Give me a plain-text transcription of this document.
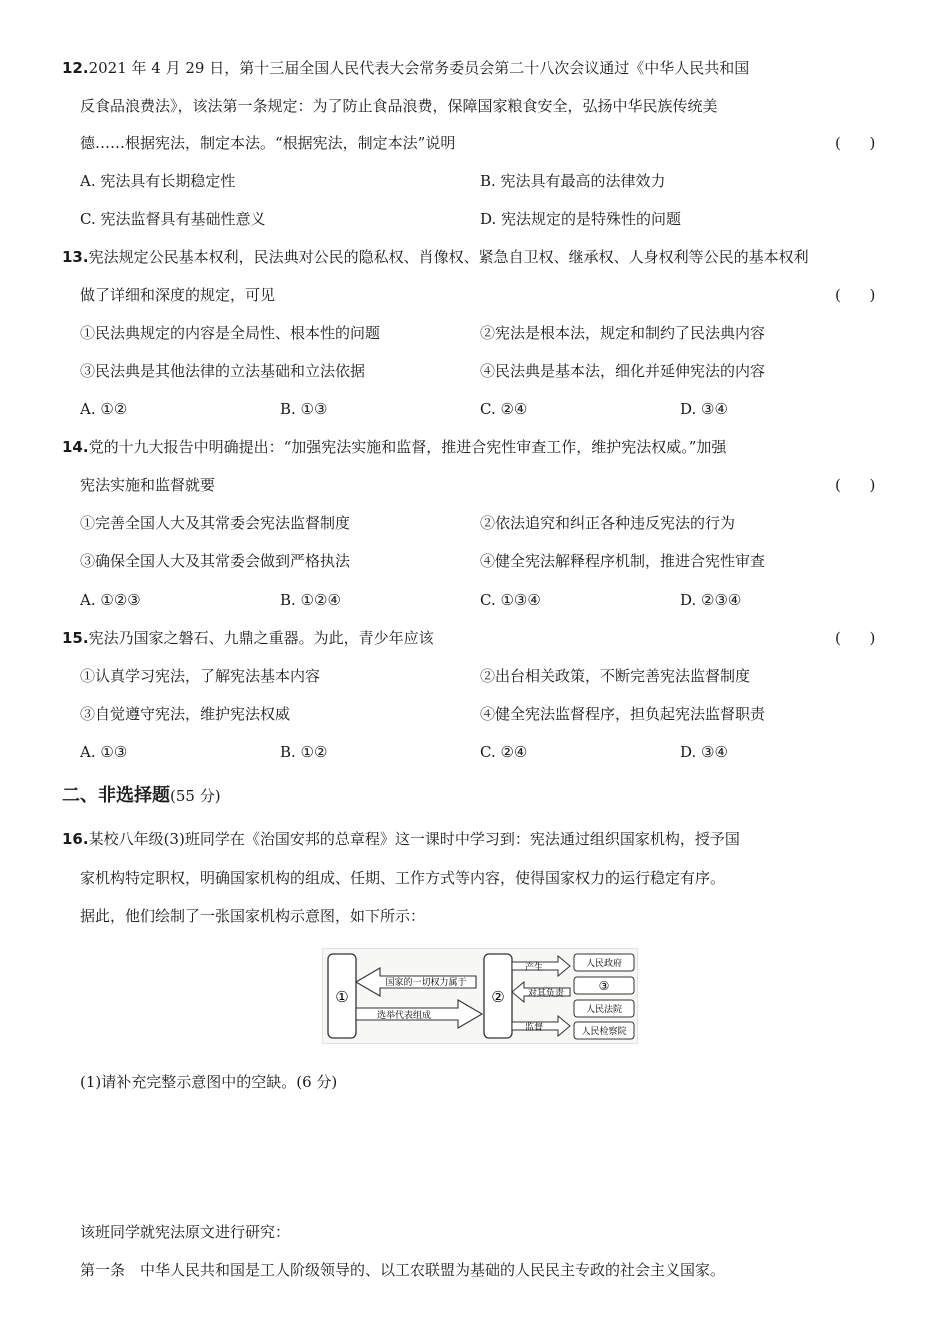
12.2021 年 4 月 29 日，第十三届全国人民代表大会常务委员会第二十八次会议通过《中华人民共和国
反食品浪费法》，该法第一条规定：为了防止食品浪费，保障国家粮食安全，弘扬中华民族传统美
德……根据宪法，制定本法。“根据宪法，制定本法”说明	(      )
A. 宪法具有长期稳定性	B. 宪法具有最高的法律效力
C. 宪法监督具有基础性意义	D. 宪法规定的是特殊性的问题
13.宪法规定公民基本权利，民法典对公民的隐私权、肖像权、紧急自卫权、继承权、人身权利等公民的基本权利
做了详细和深度的规定，可见	(      )
①民法典规定的内容是全局性、根本性的问题	②宪法是根本法，规定和制约了民法典内容
③民法典是其他法律的立法基础和立法依据	④民法典是基本法，细化并延伸宪法的内容
A. ①②	B. ①③	C. ②④	D. ③④
14.党的十九大报告中明确提出：“加强宪法实施和监督，推进合宪性审查工作，维护宪法权威。”加强
宪法实施和监督就要	(      )
①完善全国人大及其常委会宪法监督制度	②依法追究和纠正各种违反宪法的行为
③确保全国人大及其常委会做到严格执法	④健全宪法解释程序机制，推进合宪性审查
A. ①②③	B. ①②④	C. ①③④	D. ②③④
15.宪法乃国家之磐石、九鼎之重器。为此，青少年应该	(      )
①认真学习宪法，了解宪法基本内容	②出台相关政策，不断完善宪法监督制度
③自觉遵守宪法，维护宪法权威	④健全宪法监督程序，担负起宪法监督职责
A. ①③	B. ①②	C. ②④	D. ③④
二、非选择题(55 分)
16.某校八年级(3)班同学在《治国安邦的总章程》这一课时中学习到：宪法通过组织国家机构，授予国
家机构特定职权，明确国家机构的组成、任期、工作方式等内容，使得国家权力的运行稳定有序。
据此，他们绘制了一张国家机构示意图，如下所示：
①
国家的一切权力属于
选举代表组成
②
产生
对其负责
监督
人民政府
③
人民法院
人民检察院
(1)请补充完整示意图中的空缺。(6 分)
该班同学就宪法原文进行研究：
第一条　中华人民共和国是工人阶级领导的、以工农联盟为基础的人民民主专政的社会主义国家。
